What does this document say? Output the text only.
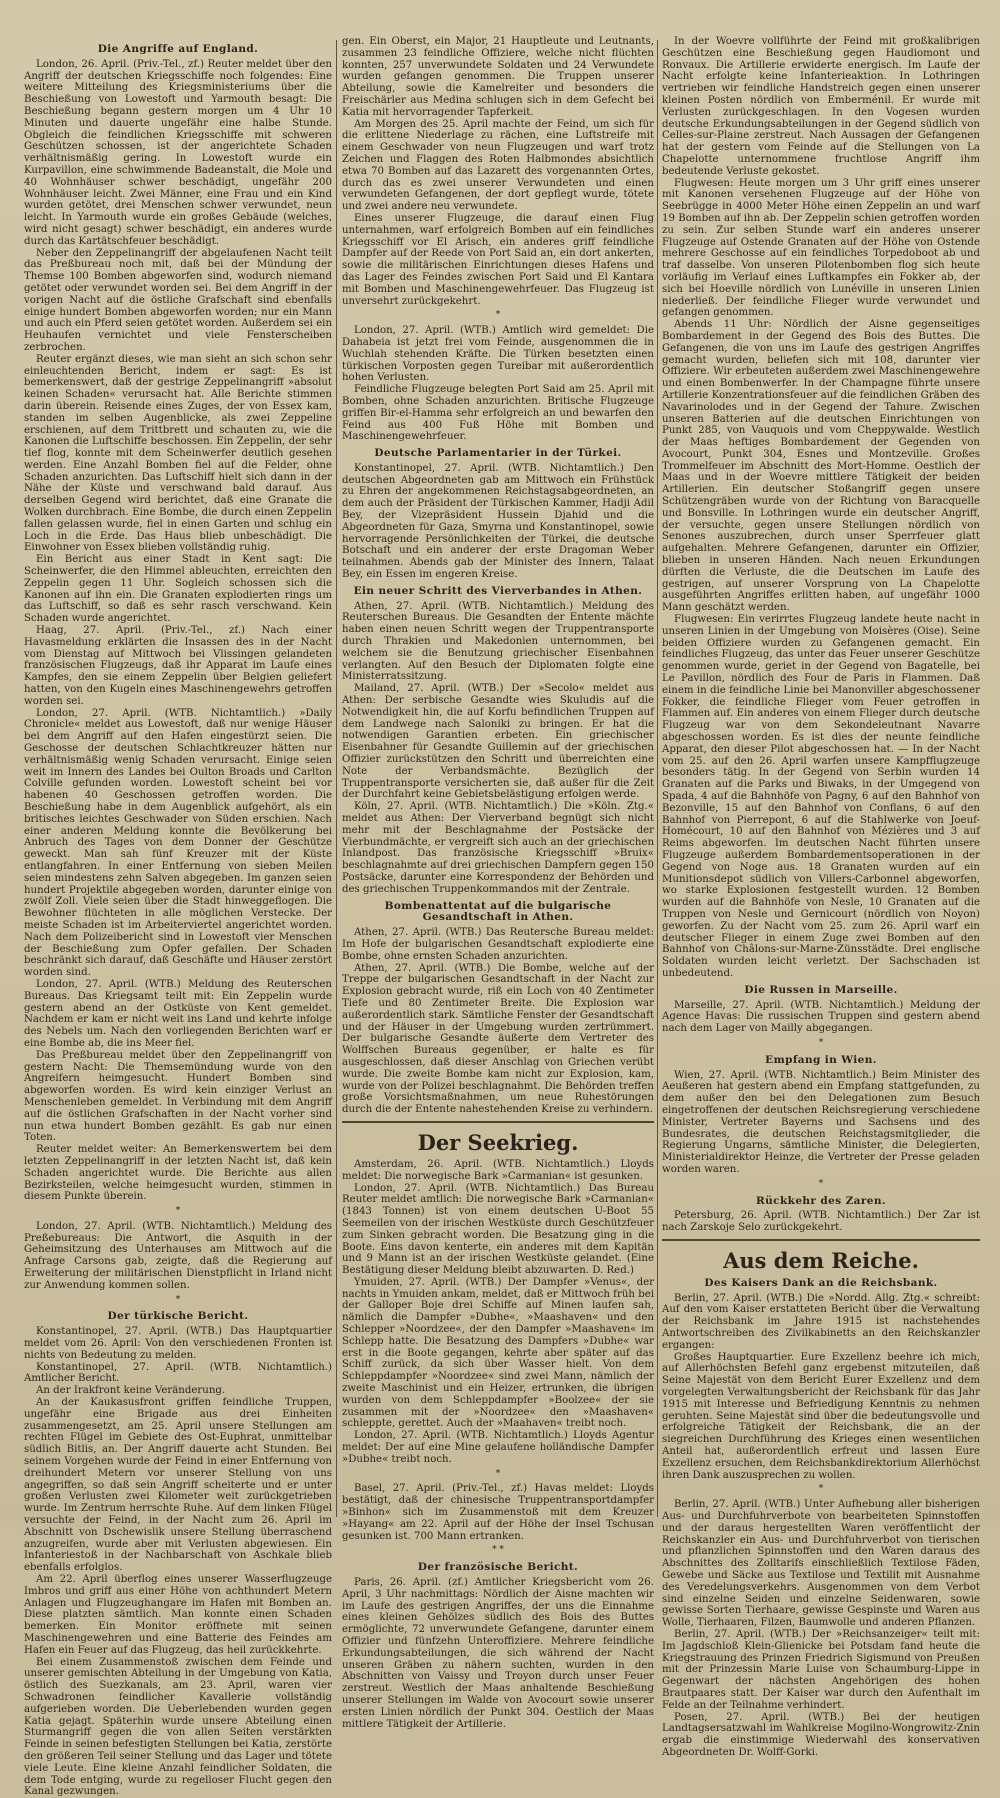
Die Angriffe auf England.

London, 26. April. (Priv.-Tel., zf.) Reuter meldet über den Angriff der deutschen Kriegsschiffe noch folgendes: Eine weitere Mitteilung des Kriegsministeriums über die Beschießung von Lowestoft und Yarmouth besagt: Die Beschießung begann gestern morgen um 4 Uhr 10 Minuten und dauerte ungefähr eine halbe Stunde. Obgleich die feindlichen Kriegsschiffe mit schweren Geschützen schossen, ist der angerichtete Schaden verhältnismäßig gering. In Lowestoft wurde ein Kurpavillon, eine schwimmende Badeanstalt, die Mole und 40 Wohnhäuser schwer beschädigt, ungefähr 200 Wohnhäuser leicht. Zwei Männer, eine Frau und ein Kind wurden getötet, drei Menschen schwer verwundet, neun leicht. In Yarmouth wurde ein großes Gebäude (welches, wird nicht gesagt) schwer beschädigt, ein anderes wurde durch das Kartätschfeuer beschädigt.

Neber den Zeppelinangriff der abgelaufenen Nacht teilt das Preßbureau noch mit, daß bei der Mündung der Themse 100 Bomben abgeworfen sind, wodurch niemand getötet oder verwundet worden sei. Bei dem Angriff in der vorigen Nacht auf die östliche Grafschaft sind ebenfalls einige hundert Bomben abgeworfen worden; nur ein Mann und auch ein Pferd seien getötet worden. Außerdem sei ein Heuhaufen vernichtet und viele Fensterscheiben zerbrochen.

Reuter ergänzt dieses, wie man sieht an sich schon sehr einleuchtenden Bericht, indem er sagt: Es ist bemerkenswert, daß der gestrige Zeppelinangriff »absolut keinen Schaden« verursacht hat. Alle Berichte stimmen darin überein. Reisende eines Zuges, der von Essex kam, standen im selben Augenblicke, als zwei Zeppeline erschienen, auf dem Trittbrett und schauten zu, wie die Kanonen die Luftschiffe beschossen. Ein Zeppelin, der sehr tief flog, konnte mit dem Scheinwerfer deutlich gesehen werden. Eine Anzahl Bomben fiel auf die Felder, ohne Schaden anzurichten. Das Luftschiff hielt sich dann in der Nähe der Küste und verschwand bald darauf. Aus derselben Gegend wird berichtet, daß eine Granate die Wolken durchbrach. Eine Bombe, die durch einen Zeppelin fallen gelassen wurde, fiel in einen Garten und schlug ein Loch in die Erde. Das Haus blieb unbeschädigt. Die Einwohner von Essex blieben vollständig ruhig.

Ein Bericht aus einer Stadt in Kent sagt: Die Scheinwerfer, die den Himmel ableuchten, erreichten den Zeppelin gegen 11 Uhr. Sogleich schossen sich die Kanonen auf ihn ein. Die Granaten explodierten rings um das Luftschiff, so daß es sehr rasch verschwand. Kein Schaden wurde angerichtet.

Haag, 27. April. (Priv.-Tel., zf.) Nach einer Havasmeldung erklärten die Insassen des in der Nacht vom Dienstag auf Mittwoch bei Vlissingen gelandeten französischen Flugzeugs, daß ihr Apparat im Laufe eines Kampfes, den sie einem Zeppelin über Belgien geliefert hatten, von den Kugeln eines Maschinengewehrs getroffen worden sei.

London, 27. April. (WTB. Nichtamtlich.) »Daily Chronicle« meldet aus Lowestoft, daß nur wenige Häuser bei dem Angriff auf den Hafen eingestürzt seien. Die Geschosse der deutschen Schlachtkreuzer hätten nur verhältnismäßig wenig Schaden verursacht. Einige seien weit im Innern des Landes bei Oulton Broads und Carlton Colville gefunden worden. Lowestoft scheint bei vor habenen 40 Geschossen getroffen worden. Die Beschießung habe in dem Augenblick aufgehört, als ein britisches leichtes Geschwader von Süden erschien. Nach einer anderen Meldung konnte die Bevölkerung bei Anbruch des Tages von dem Donner der Geschütze geweckt. Man sah fünf Kreuzer mit der Küste entlangfahren. In einer Entfernung von sieben Meilen seien mindestens zehn Salven abgegeben. Im ganzen seien hundert Projektile abgegeben worden, darunter einige von zwölf Zoll. Viele seien über die Stadt hinweggeflogen. Die Bewohner flüchteten in alle möglichen Verstecke. Der meiste Schaden ist im Arbeiterviertel angerichtet worden. Nach dem Polizeibericht sind in Lowestoft vier Menschen der Beschießung zum Opfer gefallen. Der Schaden beschränkt sich darauf, daß Geschäfte und Häuser zerstört worden sind.

London, 27. April. (WTB.) Meldung des Reuterschen Bureaus. Das Kriegsamt teilt mit: Ein Zeppelin wurde gestern abend an der Ostküste von Kent gemeldet. Nachdem er kam er nicht weit ins Land und kehrte infolge des Nebels um. Nach den vorliegenden Berichten warf er eine Bombe ab, die ins Meer fiel.

Das Preßbureau meldet über den Zeppelinangriff von gestern Nacht: Die Themsemündung wurde von den Angreifern heimgesucht. Hundert Bomben sind abgeworfen worden. Es wird kein einziger Verlust an Menschenleben gemeldet. In Verbindung mit dem Angriff auf die östlichen Grafschaften in der Nacht vorher sind nun etwa hundert Bomben gezählt. Es gab nur einen Toten.

Reuter meldet weiter: An Bemerkenswertem bei dem letzten Zeppelinangriff in der letzten Nacht ist, daß kein Schaden angerichtet wurde. Die Berichte aus allen Bezirksteilen, welche heimgesucht wurden, stimmen in diesem Punkte überein.

*

London, 27. April. (WTB. Nichtamtlich.) Meldung des Preßebureaus: Die Antwort, die Asquith in der Geheimsitzung des Unterhauses am Mittwoch auf die Anfrage Carsons gab, zeigte, daß die Regierung auf Erweiterung der militärischen Dienstpflicht in Irland nicht zur Anwendung kommen sollen.

*
Der türkische Bericht.

Konstantinopel, 27. April. (WTB.) Das Hauptquartier meldet vom 26. April: Von den verschiedenen Fronten ist nichts von Bedeutung zu melden.

Konstantinopel, 27. April. (WTB. Nichtamtlich.) Amtlicher Bericht.

An der Irakfront keine Veränderung.

An der Kaukasusfront griffen feindliche Truppen, ungefähr eine Brigade aus drei Einheiten zusammengesetzt, am 25. April unsere Stellungen am rechten Flügel im Gebiete des Ost-Euphrat, unmittelbar südlich Bitlis, an. Der Angriff dauerte acht Stunden. Bei seinem Vorgehen wurde der Feind in einer Entfernung von dreihundert Metern vor unserer Stellung von uns angegriffen, so daß sein Angriff scheiterte und er unter großen Verlusten zwei Kilometer weit zurückgetrieben wurde. Im Zentrum herrschte Ruhe. Auf dem linken Flügel versuchte der Feind, in der Nacht zum 26. April im Abschnitt von Dschewislik unsere Stellung überraschend anzugreifen, wurde aber mit Verlusten abgewiesen. Ein Infanteriestoß in der Nachbarschaft von Aschkale blieb ebenfalls erfolglos.

Am 22. April überflog eines unserer Wasserflugzeuge Imbros und griff aus einer Höhe von achthundert Metern Anlagen und Flugzeughangare im Hafen mit Bomben an. Diese platzten sämtlich. Man konnte einen Schaden bemerken. Ein Monitor eröffnete mit seinen Maschinengewehren und eine Batterie des Feindes am Hafen ein Feuer auf das Flugzeug, das heil zurückkehrte.

Bei einem Zusammenstoß zwischen dem Feinde und unserer gemischten Abteilung in der Umgebung von Katia, östlich des Suezkanals, am 23. April, waren vier Schwadronen feindlicher Kavallerie vollständig aufgerieben worden. Die Ueberlebenden wurden gegen Katia gejagt. Späterhin wurde unsere Abteilung einen Sturmangriff gegen die von allen Seiten verstärkten Feinde in seinen befestigten Stellungen bei Katia, zerstörte den größeren Teil seiner Stellung und das Lager und tötete viele Leute. Eine kleine Anzahl feindlicher Soldaten, die dem Tode entging, wurde zu regelloser Flucht gegen den Kanal gezwungen.

gen. Ein Oberst, ein Major, 21 Hauptleute und Leutnants, zusammen 23 feindliche Offiziere, welche nicht flüchten konnten, 257 unverwundete Soldaten und 24 Verwundete wurden gefangen genommen. Die Truppen unserer Abteilung, sowie die Kamelreiter und besonders die Freischärler aus Medina schlugen sich in dem Gefecht bei Katia mit hervorragender Tapferkeit.

Am Morgen des 25. April machte der Feind, um sich für die erlittene Niederlage zu rächen, eine Luftstreife mit einem Geschwader von neun Flugzeugen und warf trotz Zeichen und Flaggen des Roten Halbmondes absichtlich etwa 70 Bomben auf das Lazarett des vorgenannten Ortes, durch das es zwei unserer Verwundeten und einen verwundeten Gefangenen, der dort gepflegt wurde, tötete und zwei andere neu verwundete.

Eines unserer Flugzeuge, die darauf einen Flug unternahmen, warf erfolgreich Bomben auf ein feindliches Kriegsschiff vor El Arisch, ein anderes griff feindliche Dampfer auf der Reede von Port Said an, ein dort ankerten, sowie die militärischen Einrichtungen dieses Hafens und das Lager des Feindes zwischen Port Said und El Kantara mit Bomben und Maschinengewehrfeuer. Das Flugzeug ist unversehrt zurückgekehrt.

*

London, 27. April. (WTB.) Amtlich wird gemeldet: Die Dahabeia ist jetzt frei vom Feinde, ausgenommen die in Wuchlah stehenden Kräfte. Die Türken besetzten einen türkischen Vorposten gegen Tureibar mit außerordentlich hohen Verlusten.

Feindliche Flugzeuge belegten Port Said am 25. April mit Bomben, ohne Schaden anzurichten. Britische Flugzeuge griffen Bir-el-Hamma sehr erfolgreich an und bewarfen den Feind aus 400 Fuß Höhe mit Bomben und Maschinengewehrfeuer.

Deutsche Parlamentarier in der Türkei.

Konstantinopel, 27. April. (WTB. Nichtamtlich.) Den deutschen Abgeordneten gab am Mittwoch ein Frühstück zu Ehren der angekommenen Reichstagsabgeordneten, an dem auch der Präsident der Türkischen Kammer, Hadji Adil Bey, der Vizepräsident Hussein Djahid und die Abgeordneten für Gaza, Smyrna und Konstantinopel, sowie hervorragende Persönlichkeiten der Türkei, die deutsche Botschaft und ein anderer der erste Dragoman Weber teilnahmen. Abends gab der Minister des Innern, Talaat Bey, ein Essen im engeren Kreise.

Ein neuer Schritt des Vierverbandes in Athen.

Athen, 27. April. (WTB. Nichtamtlich.) Meldung des Reuterschen Bureaus. Die Gesandten der Entente mächte haben einen neuen Schritt wegen der Truppentransporte durch Thrakien und Makedonien unternommen, bei welchem sie die Benutzung griechischer Eisenbahnen verlangten. Auf den Besuch der Diplomaten folgte eine Ministerratssitzung.

Mailand, 27. April. (WTB.) Der »Secolo« meldet aus Athen: Der serbische Gesandte wies Skuludis auf die Notwendigkeit hin, die auf Korfu befindlichen Truppen auf dem Landwege nach Saloniki zu bringen. Er hat die notwendigen Garantien erbeten. Ein griechischer Eisenbahner für Gesandte Guillemin auf der griechischen Offizier zurückstützen den Schritt und überreichten eine Note der Verbandsmächte. Bezüglich der Truppentransporte versicherten sie, daß außer für die Zeit der Durchfahrt keine Gebietsbelästigung erfolgen werde.

Köln, 27. April. (WTB. Nichtamtlich.) Die »Köln. Ztg.« meldet aus Athen: Der Vierverband begnügt sich nicht mehr mit der Beschlagnahme der Postsäcke der Vierbundmächte, er vergreift sich auch an der griechischen Inlandpost. Das französische Kriegsschiff »Bruix« beschlagnahmte auf drei griechischen Dampfern gegen 150 Postsäcke, darunter eine Korrespondenz der Behörden und des griechischen Truppenkommandos mit der Zentrale.

Bombenattentat auf die bulgarische Gesandtschaft in Athen.

Athen, 27. April. (WTB.) Das Reutersche Bureau meldet: Im Hofe der bulgarischen Gesandtschaft explodierte eine Bombe, ohne ernsten Schaden anzurichten.

Athen, 27. April. (WTB.) Die Bombe, welche auf der Treppe der bulgarischen Gesandtschaft in der Nacht zur Explosion gebracht wurde, riß ein Loch von 40 Zentimeter Tiefe und 80 Zentimeter Breite. Die Explosion war außerordentlich stark. Sämtliche Fenster der Gesandtschaft und der Häuser in der Umgebung wurden zertrümmert. Der bulgarische Gesandte äußerte dem Vertreter des Wolffschen Bureaus gegenüber, er halte es für ausgeschlossen, daß dieser Anschlag von Griechen verübt wurde. Die zweite Bombe kam nicht zur Explosion, kam, wurde von der Polizei beschlagnahmt. Die Behörden treffen große Vorsichtsmaßnahmen, um neue Ruhestörungen durch die der Entente nahestehenden Kreise zu verhindern.

Der Seekrieg.

Amsterdam, 26. April. (WTB. Nichtamtlich.) Lloyds meldet: Die norwegische Bark »Carmanian« ist gesunken.

London, 27. April. (WTB. Nichtamtlich.) Das Bureau Reuter meldet amtlich: Die norwegische Bark »Carmanian« (1843 Tonnen) ist von einem deutschen U-Boot 55 Seemeilen von der irischen Westküste durch Geschützfeuer zum Sinken gebracht worden. Die Besatzung ging in die Boote. Eins davon kenterte, ein anderes mit dem Kapitän und 9 Mann ist an der irischen Westküste gelandet. (Eine Bestätigung dieser Meldung bleibt abzuwarten. D. Red.)

Ymuiden, 27. April. (WTB.) Der Dampfer »Venus«, der nachts in Ymuiden ankam, meldet, daß er Mittwoch früh bei der Galloper Boje drei Schiffe auf Minen laufen sah, nämlich die Dampfer »Dubhe«, »Maashaven« und den Schlepper »Noordzee«, der den Dampfer »Maashaven« im Schlepp hatte. Die Besatzung des Dampfers »Dubhe« war erst in die Boote gegangen, kehrte aber später auf das Schiff zurück, da sich über Wasser hielt. Von dem Schleppdampfer »Noordzee« sind zwei Mann, nämlich der zweite Maschinist und ein Heizer, ertrunken, die übrigen wurden von dem Schleppdampfer »Boolzee« der sie zusammen mit der »Noordzee« den »Maashaven« schleppte, gerettet. Auch der »Maahaven« treibt noch.

London, 27. April. (WTB. Nichtamtlich.) Lloyds Agentur meldet: Der auf eine Mine gelaufene holländische Dampfer »Dubhe« treibt noch.

*

Basel, 27. April. (Priv.-Tel., zf.) Havas meldet: Lloyds bestätigt, daß der chinesische Truppentransportdampfer »Binhon« sich im Zusammenstoß mit dem Kreuzer »Hayang« am 22. April auf der Höhe der Insel Tschusan gesunken ist. 700 Mann ertranken.

* *
Der französische Bericht.

Paris, 26. April. (zf.) Amtlicher Kriegsbericht vom 26. April, 3 Uhr nachmittags: Nördlich der Aisne machten wir im Laufe des gestrigen Angriffes, der uns die Einnahme eines kleinen Gehölzes südlich des Bois des Buttes ermöglichte, 72 unverwundete Gefangene, darunter einem Offizier und fünfzehn Unteroffiziere. Mehrere feindliche Erkundungsabteilungen, die sich während der Nacht unseren Gräben zu nähern suchten, wurden in den Abschnitten von Vaissy und Troyon durch unser Feuer zerstreut. Westlich der Maas anhaltende Beschießung unserer Stellungen im Walde von Avocourt sowie unserer ersten Linien nördlich der Punkt 304. Oestlich der Maas mittlere Tätigkeit der Artillerie.

In der Woevre vollführte der Feind mit großkalibrigen Geschützen eine Beschießung gegen Haudiomont und Ronvaux. Die Artillerie erwiderte energisch. Im Laufe der Nacht erfolgte keine Infanterieaktion. In Lothringen vertrieben wir feindliche Handstreich gegen einen unserer kleinen Posten nördlich von Emberménil. Er wurde mit Verlusten zurückgeschlagen. In den Vogesen wurden deutsche Erkundungsabteilungen in der Gegend südlich von Celles-sur-Plaine zerstreut. Nach Aussagen der Gefangenen hat der gestern vom Feinde auf die Stellungen von La Chapelotte unternommene fruchtlose Angriff ihm bedeutende Verluste gekostet.

Flugwesen: Heute morgen um 3 Uhr griff eines unserer mit Kanonen versehenen Flugzeuge auf der Höhe von Seebrügge in 4000 Meter Höhe einen Zeppelin an und warf 19 Bomben auf ihn ab. Der Zeppelin schien getroffen worden zu sein. Zur selben Stunde warf ein anderes unserer Flugzeuge auf Ostende Granaten auf der Höhe von Ostende mehrere Geschosse auf ein feindliches Torpedoboot ab und traf dasselbe. Von unseren Pilotenbomben flog sich heute vorläufig im Verlauf eines Luftkampfes ein Fokker ab, der sich bei Hoeville nördlich von Lunéville in unseren Linien niederließ. Der feindliche Flieger wurde verwundet und gefangen genommen.

Abends 11 Uhr: Nördlich der Aisne gegenseitiges Bombardement in der Gegend des Bois des Buttes. Die Gefangenen, die von uns im Laufe des gestrigen Angriffes gemacht wurden, beliefen sich mit 108, darunter vier Offiziere. Wir erbeuteten außerdem zwei Maschinengewehre und einen Bombenwerfer. In der Champagne führte unsere Artillerie Konzentrationsfeuer auf die feindlichen Gräben des Navarinolodes und in der Gegend der Tahure. Zwischen unseren Batterien auf die deutschen Einrichtungen von Punkt 285, von Vauquois und vom Cheppywalde. Westlich der Maas heftiges Bombardement der Gegenden von Avocourt, Punkt 304, Esnes und Montzeville. Großes Trommelfeuer im Abschnitt des Mort-Homme. Oestlich der Maas und in der Woevre mittlere Tätigkeit der beiden Artillerien. Ein deutscher Stoßangriff gegen unsere Schützengräben wurde von der Richtung von Baracquelle und Bonsville. In Lothringen wurde ein deutscher Angriff, der versuchte, gegen unsere Stellungen nördlich von Senones auszubrechen, durch unser Sperrfeuer glatt aufgehalten. Mehrere Gefangenen, darunter ein Offizier, blieben in unseren Händen. Nach neuen Erkundungen dürften die Verluste, die die Deutschen im Laufe des gestrigen, auf unserer Vorsprung von La Chapelotte ausgeführten Angriffes erlitten haben, auf ungefähr 1000 Mann geschätzt werden.

Flugwesen: Ein verirrtes Flugzeug landete heute nacht in unseren Linien in der Umgebung von Moisères (Oise). Seine beiden Offiziere wurden zu Gefangenen gemacht. Ein feindliches Flugzeug, das unter das Feuer unserer Geschütze genommen wurde, geriet in der Gegend von Bagatelle, bei Le Pavillon, nördlich des Four de Paris in Flammen. Daß einem in die feindliche Linie bei Manonviller abgeschossener Fokker, die feindliche Flieger vom Feuer getroffen in Flammen auf. Ein anderes von einem Flieger durch deutsche Flugzeug war von dem Sekondeleutnant Navarre abgeschossen worden. Es ist dies der neunte feindliche Apparat, den dieser Pilot abgeschossen hat. — In der Nacht vom 25. auf den 26. April warfen unsere Kampfflugzeuge besonders tätig. In der Gegend von Serbin wurden 14 Granaten auf die Parks und Biwaks, in der Umgegend von Spada, 4 auf die Bahnhöfe von Pagny, 6 auf den Bahnhof von Bezonville, 15 auf den Bahnhof von Conflans, 6 auf den Bahnhof von Pierrepont, 6 auf die Stahlwerke von Joeuf-Homécourt, 10 auf den Bahnhof von Mézières und 3 auf Reims abgeworfen. Im deutschen Nacht führten unsere Flugzeuge außerdem Bombardementsoperationen in der Gegend von Noge aus. 18 Granaten wurden auf ein Munitionsdepot südlich von Villers-Carbonnel abgeworfen, wo starke Explosionen festgestellt wurden. 12 Bomben wurden auf die Bahnhöfe von Nesle, 10 Granaten auf die Truppen von Nesle und Gernicourt (nördlich von Noyon) geworfen. Zu der Nacht vom 25. zum 26. April warf ein deutscher Flieger in einem Zuge zwei Bomben auf den Bahnhof von Châlons-sur-Marne-Zünsstädte. Drei englische Soldaten wurden leicht verletzt. Der Sachschaden ist unbedeutend.

Die Russen in Marseille.

Marseille, 27. April. (WTB. Nichtamtlich.) Meldung der Agence Havas: Die russischen Truppen sind gestern abend nach dem Lager von Mailly abgegangen.

*
Empfang in Wien.

Wien, 27. April. (WTB. Nichtamtlich.) Beim Minister des Aeußeren hat gestern abend ein Empfang stattgefunden, zu dem außer den bei den Delegationen zum Besuch eingetroffenen der deutschen Reichsregierung verschiedene Minister, Vertreter Bayerns und Sachsens und des Bundesrates, die deutschen Reichstagsmitglieder, die Regierung Ungarns, sämtliche Minister, die Delegierten, Ministerialdirektor Heinze, die Vertreter der Presse geladen worden waren.

*
Rückkehr des Zaren.

Petersburg, 26. April. (WTB. Nichtamtlich.) Der Zar ist nach Zarskoje Selo zurückgekehrt.

Aus dem Reiche.
Des Kaisers Dank an die Reichsbank.

Berlin, 27. April. (WTB.) Die »Nordd. Allg. Ztg.« schreibt: Auf den vom Kaiser erstatteten Bericht über die Verwaltung der Reichsbank im Jahre 1915 ist nachstehendes Antwortschreiben des Zivilkabinetts an den Reichskanzler ergangen:

Großes Hauptquartier. Eure Exzellenz beehre ich mich, auf Allerhöchsten Befehl ganz ergebenst mitzuteilen, daß Seine Majestät von dem Bericht Eurer Exzellenz und dem vorgelegten Verwaltungsbericht der Reichsbank für das Jahr 1915 mit Interesse und Befriedigung Kenntnis zu nehmen geruhten. Seine Majestät sind über die bedeutungsvolle und erfolgreiche Tätigkeit der Reichsbank, die an der siegreichen Durchführung des Krieges einen wesentlichen Anteil hat, außerordentlich erfreut und lassen Eure Exzellenz ersuchen, dem Reichsbankdirektorium Allerhöchst ihren Dank auszusprechen zu wollen.

*

Berlin, 27. April. (WTB.) Unter Aufhebung aller bisherigen Aus- und Durchfuhrverbote von bearbeiteten Spinnstoffen und der daraus hergestellten Waren veröffentlicht der Reichskanzler ein Aus- und Durchfuhrverbot von tierischen und pflanzlichen Spinnstoffen und den Waren daraus des Abschnittes des Zolltarifs einschließlich Textilose Fäden, Gewebe und Säcke aus Textilose und Textilit mit Ausnahme des Veredelungsverkehrs. Ausgenommen von dem Verbot sind einzelne Seiden und einzelne Seidenwaren, sowie gewisse Sorten Tierhaare, gewisse Gespinste und Waren aus Wolle, Tierhaaren, Filzen, Baumwolle und anderen Pflanzen.

Berlin, 27. April. (WTB.) Der »Reichsanzeiger« teilt mit: Im Jagdschloß Klein-Glienicke bei Potsdam fand heute die Kriegstrauung des Prinzen Friedrich Sigismund von Preußen mit der Prinzessin Marie Luise von Schaumburg-Lippe in Gegenwart der nächsten Angehörigen des hohen Brautpaares statt. Der Kaiser war durch den Aufenthalt im Felde an der Teilnahme verhindert.

Posen, 27. April. (WTB.) Bei der heutigen Landtagsersatzwahl im Wahlkreise Mogilno-Wongrowitz-Znin ergab die einstimmige Wiederwahl des konservativen Abgeordneten Dr. Wolff-Gorki.
